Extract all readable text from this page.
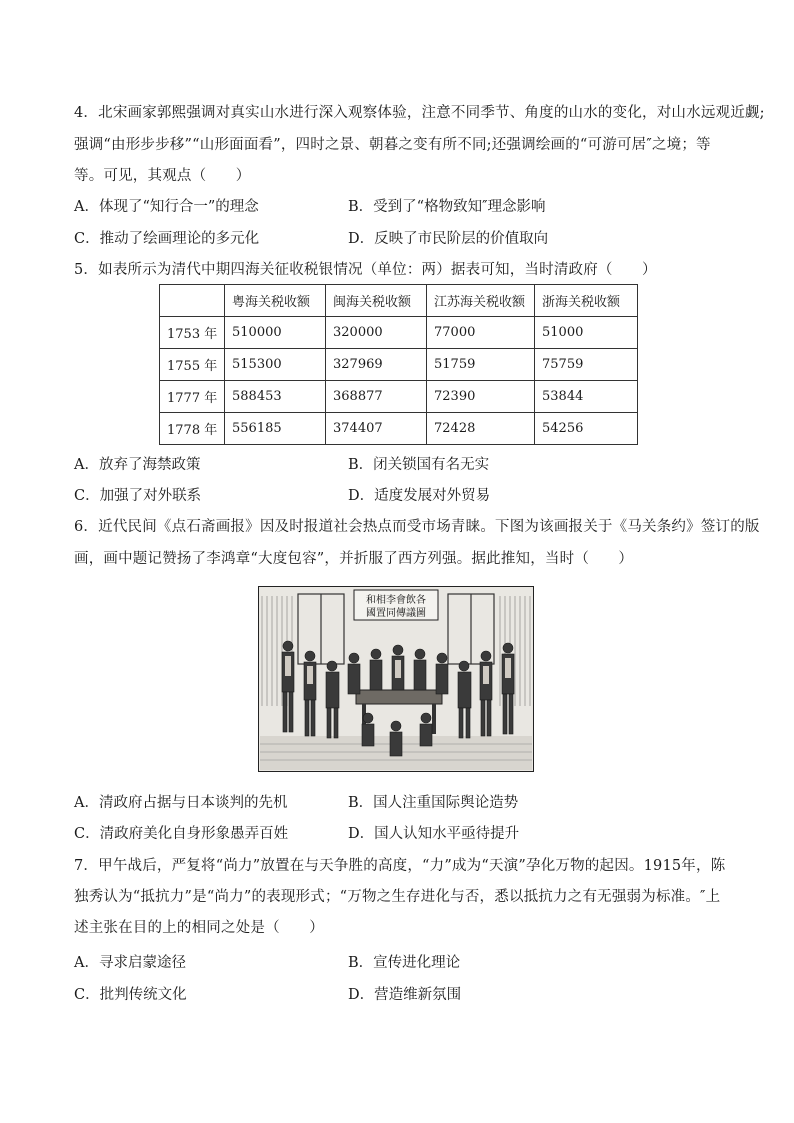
4．北宋画家郭熙强调对真实山水进行深入观察体验，注意不同季节、角度的山水的变化，对山水远观近觑;
强调“由形步步移”“山形面面看”，四时之景、朝暮之变有所不同;还强调绘画的“可游可居″之境；等
等。可见，其观点（　　）
A．体现了“知行合一”的理念	B．受到了“格物致知″理念影响
C．推动了绘画理论的多元化	D．反映了市民阶层的价值取向
5．如表所示为清代中期四海关征收税银情况（单位：两）据表可知，当时清政府（　　）
	粤海关税收额	闽海关税收额	江苏海关税收额	浙海关税收额
1753 年	510000	320000	77000	51000
1755 年	515300	327969	51759	75759
1777 年	588453	368877	72390	53844
1778 年	556185	374407	72428	54256
A．放弃了海禁政策	B．闭关锁国有名无实
C．加强了对外联系	D．适度发展对外贸易
6．近代民间《点石斋画报》因及时报道社会热点而受市场青睐。下图为该画报关于《马关条约》签订的版
画，画中题记赞扬了李鸿章“大度包容”，并折服了西方列强。据此推知，当时（　　）
和相李會飲各
國置同傳議圖
A．清政府占据与日本谈判的先机	B．国人注重国际舆论造势
C．清政府美化自身形象愚弄百姓	D．国人认知水平亟待提升
7．甲午战后，严复将“尚力”放置在与天争胜的高度，“力”成为“天演”孕化万物的起因。1915年，陈
独秀认为“抵抗力”是“尚力”的表现形式；“万物之生存进化与否，悉以抵抗力之有无强弱为标准。″上
述主张在目的上的相同之处是（　　）
A．寻求启蒙途径	B．宣传进化理论
C．批判传统文化	D．营造维新氛围
